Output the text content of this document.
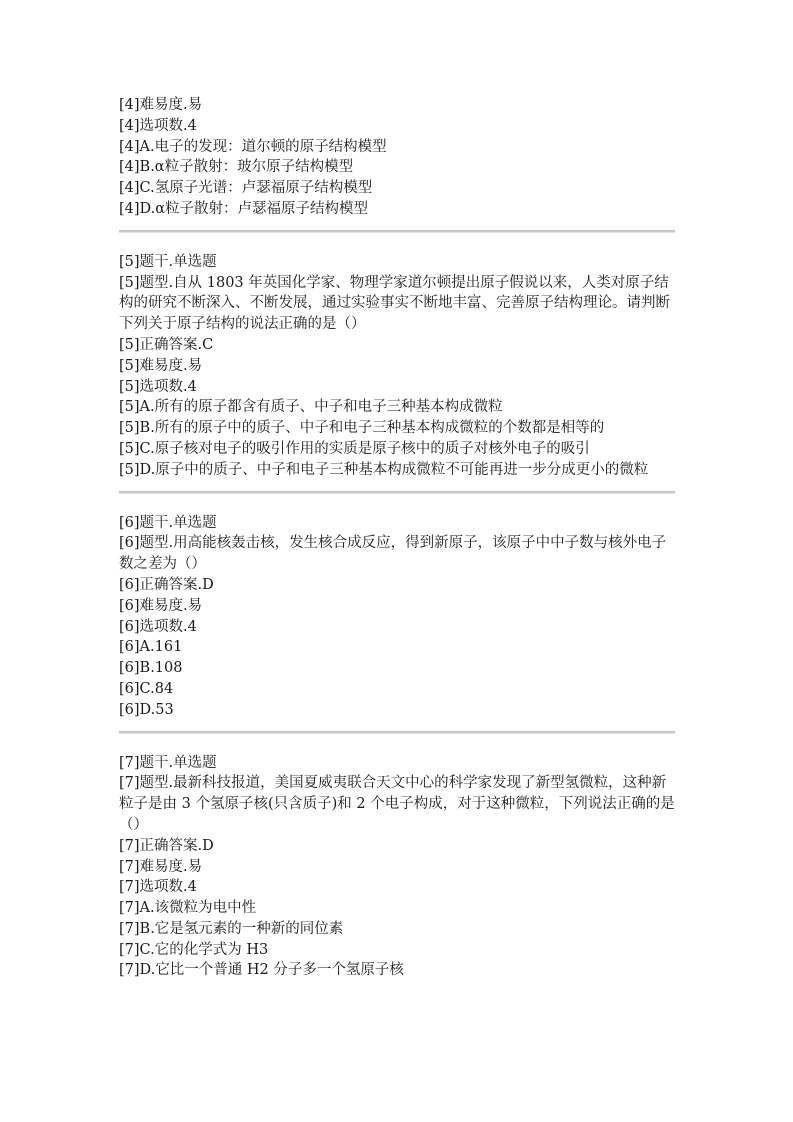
[4]难易度.易
[4]选项数.4
[4]A.电子的发现：道尔顿的原子结构模型
[4]B.α粒子散射：玻尔原子结构模型
[4]C.氢原子光谱：卢瑟福原子结构模型
[4]D.α粒子散射：卢瑟福原子结构模型
[5]题干.单选题
[5]题型.自从 1803 年英国化学家、物理学家道尔顿提出原子假说以来，人类对原子结构的研究不断深入、不断发展，通过实验事实不断地丰富、完善原子结构理论。请判断下列关于原子结构的说法正确的是（）
[5]正确答案.C
[5]难易度.易
[5]选项数.4
[5]A.所有的原子都含有质子、中子和电子三种基本构成微粒
[5]B.所有的原子中的质子、中子和电子三种基本构成微粒的个数都是相等的
[5]C.原子核对电子的吸引作用的实质是原子核中的质子对核外电子的吸引
[5]D.原子中的质子、中子和电子三种基本构成微粒不可能再进一步分成更小的微粒
[6]题干.单选题
[6]题型.用高能核轰击核，发生核合成反应，得到新原子，该原子中中子数与核外电子数之差为（）
[6]正确答案.D
[6]难易度.易
[6]选项数.4
[6]A.161
[6]B.108
[6]C.84
[6]D.53
[7]题干.单选题
[7]题型.最新科技报道，美国夏威夷联合天文中心的科学家发现了新型氢微粒，这种新粒子是由 3 个氢原子核(只含质子)和 2 个电子构成，对于这种微粒，下列说法正确的是（）
[7]正确答案.D
[7]难易度.易
[7]选项数.4
[7]A.该微粒为电中性
[7]B.它是氢元素的一种新的同位素
[7]C.它的化学式为 H3
[7]D.它比一个普通 H2 分子多一个氢原子核
